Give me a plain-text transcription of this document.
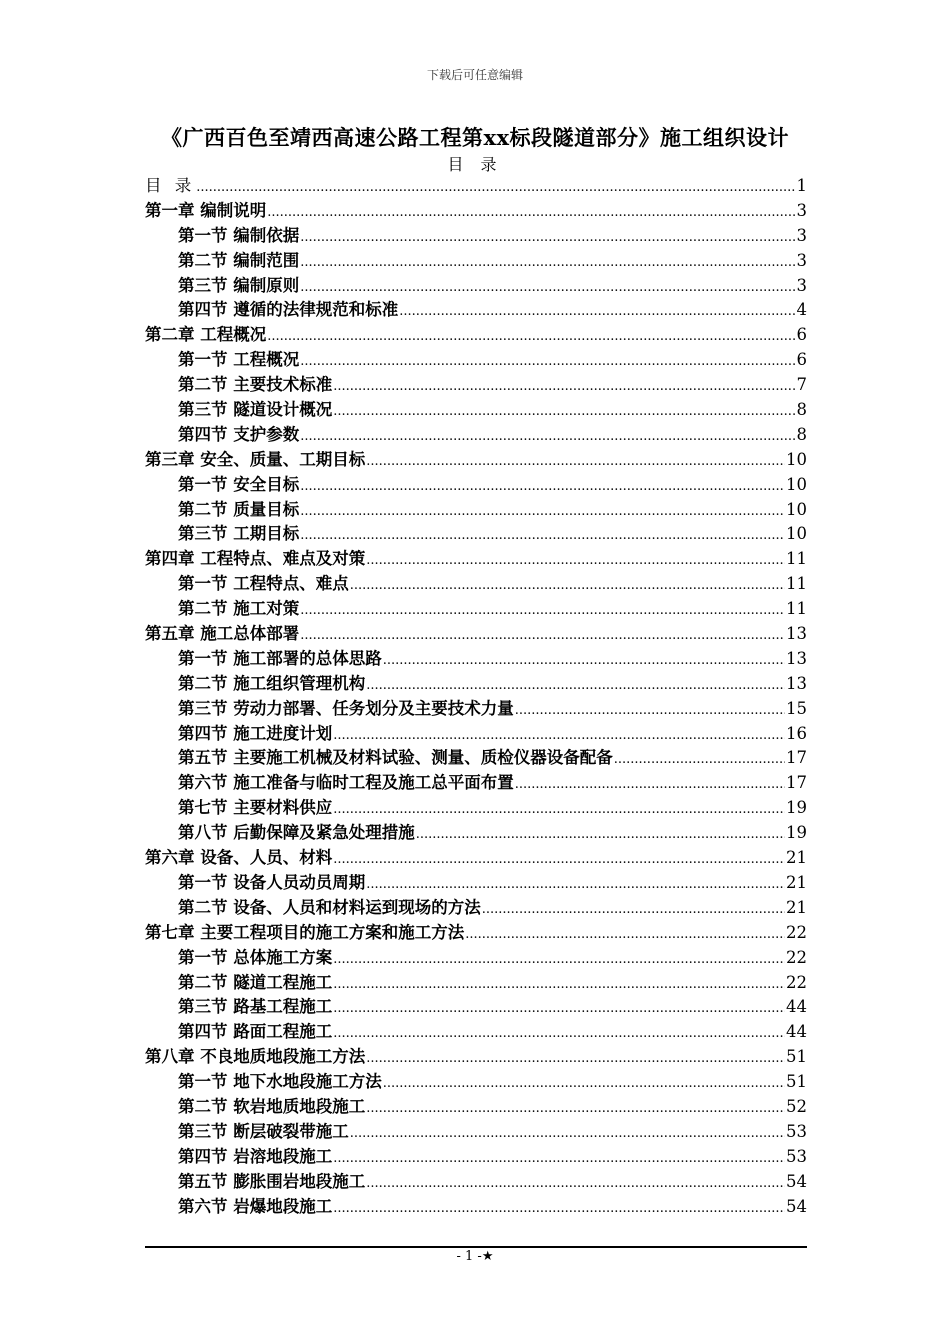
下载后可任意编辑
《广西百色至靖西高速公路工程第xx标段隧道部分》施工组织设计
目 录
目 录 .....	1
第一章 编制说明 .....	3
第一节 编制依据 .....	3
第二节 编制范围 .....	3
第三节 编制原则 .....	3
第四节 遵循的法律规范和标准 .....	4
第二章 工程概况 .....	6
第一节 工程概况 .....	6
第二节 主要技术标准 .....	7
第三节 隧道设计概况 .....	8
第四节 支护参数 .....	8
第三章 安全、质量、工期目标 .....	10
第一节 安全目标 .....	10
第二节 质量目标 .....	10
第三节 工期目标 .....	10
第四章 工程特点、难点及对策 .....	11
第一节 工程特点、难点 .....	11
第二节 施工对策 .....	11
第五章 施工总体部署 .....	13
第一节 施工部署的总体思路 .....	13
第二节 施工组织管理机构 .....	13
第三节 劳动力部署、任务划分及主要技术力量 .....	15
第四节 施工进度计划 .....	16
第五节 主要施工机械及材料试验、测量、质检仪器设备配备 .....	17
第六节 施工准备与临时工程及施工总平面布置 .....	17
第七节 主要材料供应 .....	19
第八节 后勤保障及紧急处理措施 .....	19
第六章 设备、人员、材料 .....	21
第一节 设备人员动员周期 .....	21
第二节 设备、人员和材料运到现场的方法 .....	21
第七章 主要工程项目的施工方案和施工方法 .....	22
第一节 总体施工方案 .....	22
第二节 隧道工程施工 .....	22
第三节 路基工程施工 .....	44
第四节 路面工程施工 .....	44
第八章 不良地质地段施工方法 .....	51
第一节 地下水地段施工方法 .....	51
第二节 软岩地质地段施工 .....	52
第三节 断层破裂带施工 .....	53
第四节 岩溶地段施工 .....	53
第五节 膨胀围岩地段施工 .....	54
第六节 岩爆地段施工 .....	54
- 1 -★
